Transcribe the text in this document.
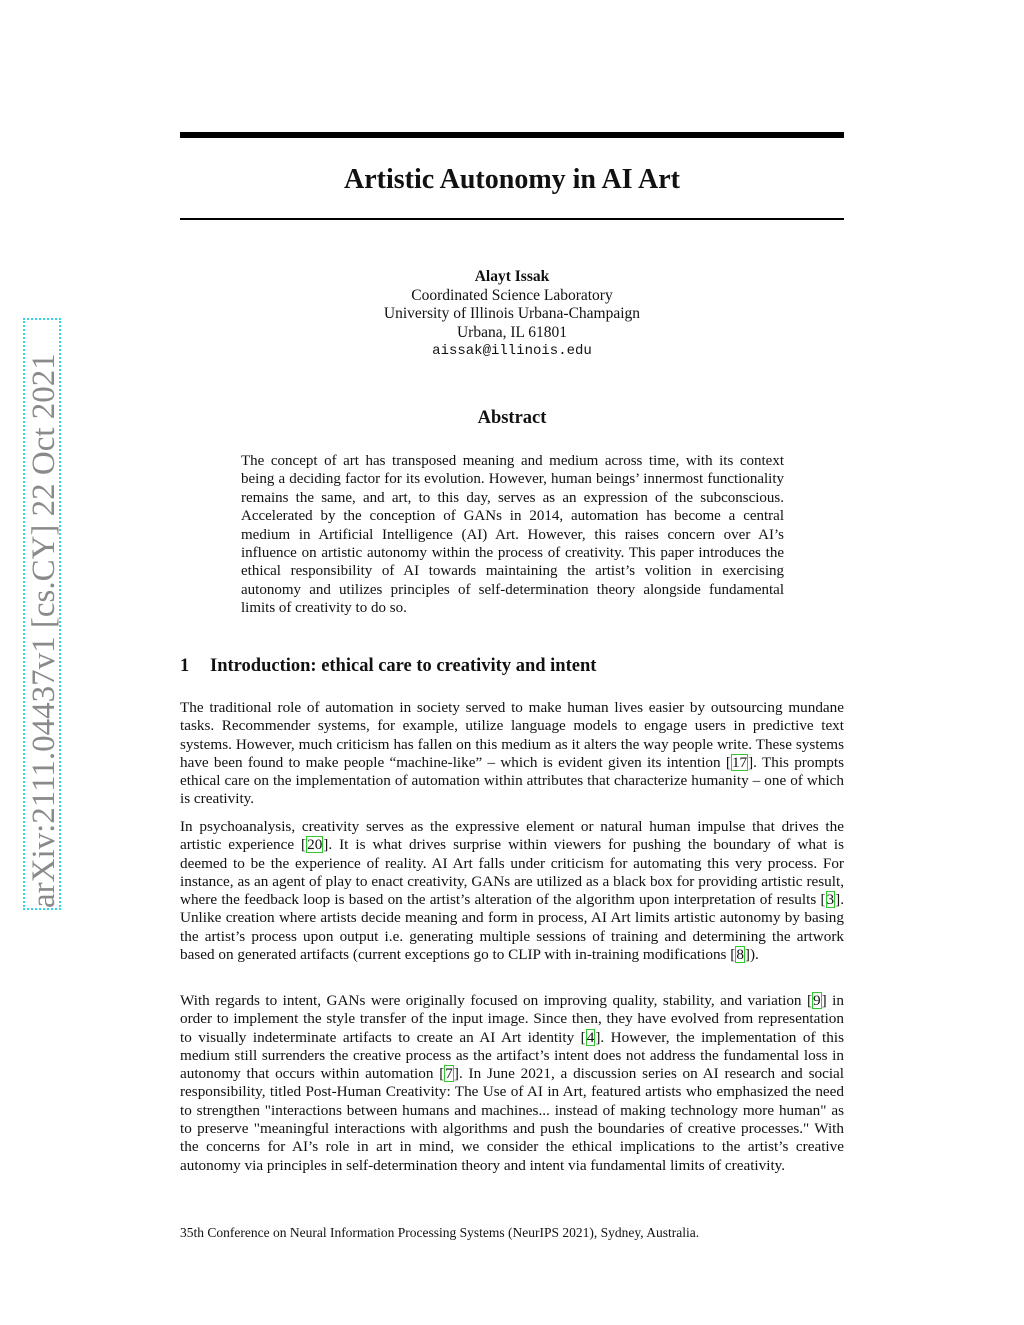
arXiv:2111.04437v1 [cs.CY] 22 Oct 2021
Artistic Autonomy in AI Art
Alayt Issak
Coordinated Science Laboratory
University of Illinois Urbana-Champaign
Urbana, IL 61801
aissak@illinois.edu
Abstract
The concept of art has transposed meaning and medium across time, with its context being a deciding factor for its evolution. However, human beings’ innermost functionality remains the same, and art, to this day, serves as an expression of the subconscious. Accelerated by the conception of GANs in 2014, automation has become a central medium in Artificial Intelligence (AI) Art. However, this raises concern over AI’s influence on artistic autonomy within the process of creativity. This paper introduces the ethical responsibility of AI towards maintaining the artist’s volition in exercising autonomy and utilizes principles of self-determination theory alongside fundamental limits of creativity to do so.
1 Introduction: ethical care to creativity and intent

The traditional role of automation in society served to make human lives easier by outsourcing mundane tasks. Recommender systems, for example, utilize language models to engage users in predictive text systems. However, much criticism has fallen on this medium as it alters the way people write. These systems have been found to make people “machine-like” – which is evident given its intention [17]. This prompts ethical care on the implementation of automation within attributes that characterize humanity – one of which is creativity.

In psychoanalysis, creativity serves as the expressive element or natural human impulse that drives the artistic experience [20]. It is what drives surprise within viewers for pushing the boundary of what is deemed to be the experience of reality. AI Art falls under criticism for automating this very process. For instance, as an agent of play to enact creativity, GANs are utilized as a black box for providing artistic result, where the feedback loop is based on the artist’s alteration of the algorithm upon interpretation of results [3]. Unlike creation where artists decide meaning and form in process, AI Art limits artistic autonomy by basing the artist’s process upon output i.e. generating multiple sessions of training and determining the artwork based on generated artifacts (current exceptions go to CLIP with in-training modifications [8]).

With regards to intent, GANs were originally focused on improving quality, stability, and variation [9] in order to implement the style transfer of the input image. Since then, they have evolved from representation to visually indeterminate artifacts to create an AI Art identity [4]. However, the implementation of this medium still surrenders the creative process as the artifact’s intent does not address the fundamental loss in autonomy that occurs within automation [7]. In June 2021, a discussion series on AI research and social responsibility, titled Post-Human Creativity: The Use of AI in Art, featured artists who emphasized the need to strengthen "interactions between humans and machines... instead of making technology more human" as to preserve "meaningful interactions with algorithms and push the boundaries of creative processes." With the concerns for AI’s role in art in mind, we consider the ethical implications to the artist’s creative autonomy via principles in self-determination theory and intent via fundamental limits of creativity.

35th Conference on Neural Information Processing Systems (NeurIPS 2021), Sydney, Australia.
